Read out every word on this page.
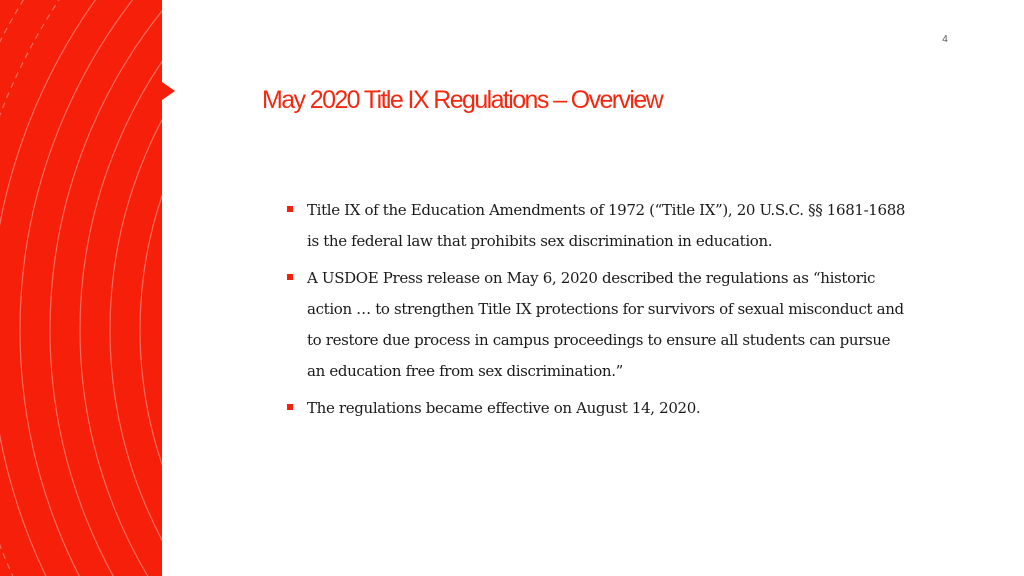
4
May 2020 Title IX Regulations – Overview
Title IX of the Education Amendments of 1972 (“Title IX”), 20 U.S.C. §§ 1681-1688 is the federal law that prohibits sex discrimination in education.
A USDOE Press release on May 6, 2020 described the regulations as “historic action … to strengthen Title IX protections for survivors of sexual misconduct and to restore due process in campus proceedings to ensure all students can pursue an education free from sex discrimination.”
The regulations became effective on August 14, 2020.
